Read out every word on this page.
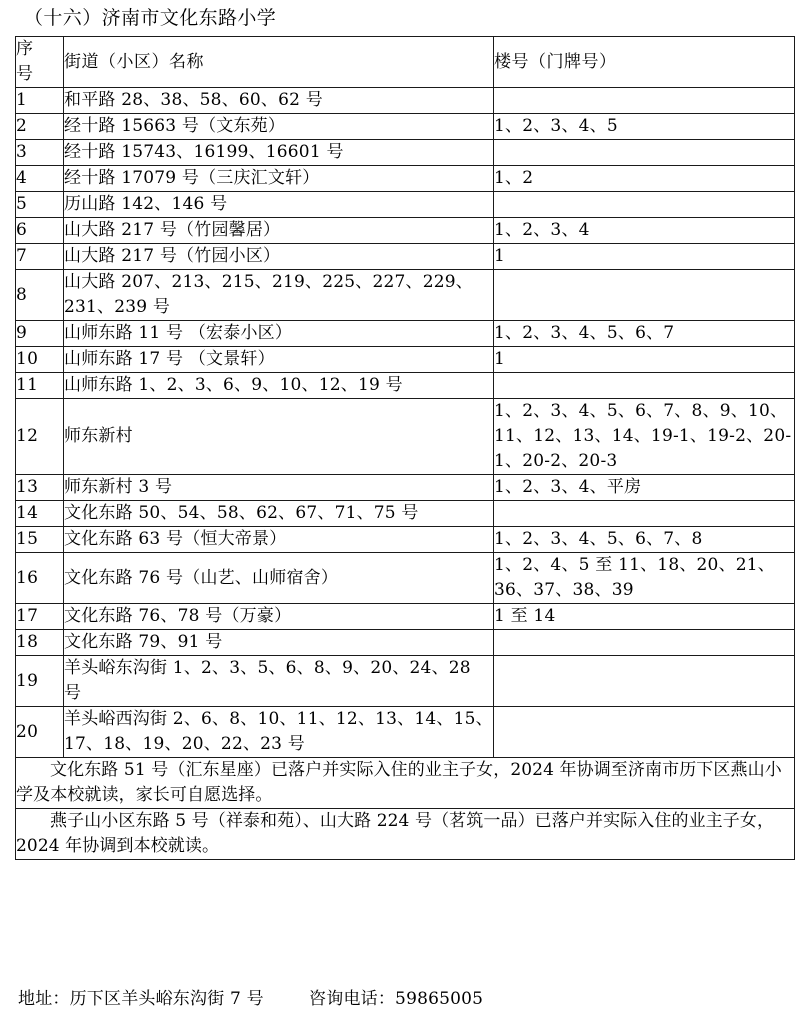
（十六）济南市文化东路小学
序
号	街道（小区）名称	楼号（门牌号）
1	和平路 28、38、58、60、62 号	
2	经十路 15663 号（文东苑）	1、2、3、4、5
3	经十路 15743、16199、16601 号	
4	经十路 17079 号（三庆汇文轩）	1、2
5	历山路 142、146 号	
6	山大路 217 号（竹园馨居）	1、2、3、4
7	山大路 217 号（竹园小区）	1
8	山大路 207、213、215、219、225、227、229、231、239 号	
9	山师东路 11 号 （宏泰小区）	1、2、3、4、5、6、7
10	山师东路 17 号 （文景轩）	1
11	山师东路 1、2、3、6、9、10、12、19 号	
12	师东新村	1、2、3、4、5、6、7、8、9、10、11、12、13、14、19-1、19-2、20-1、20-2、20-3
13	师东新村 3 号	1、2、3、4、平房
14	文化东路 50、54、58、62、67、71、75 号	
15	文化东路 63 号（恒大帝景）	1、2、3、4、5、6、7、8
16	文化东路 76 号（山艺、山师宿舍）	1、2、4、5 至 11、18、20、21、36、37、38、39
17	文化东路 76、78 号（万豪）	1 至 14
18	文化东路 79、91 号	
19	羊头峪东沟街 1、2、3、5、6、8、9、20、24、28 号	
20	羊头峪西沟街 2、6、8、10、11、12、13、14、15、17、18、19、20、22、23 号	

文化东路 51 号（汇东星座）已落户并实际入住的业主子女，2024 年协调至济南市历下区燕山小学及本校就读，家长可自愿选择。		

燕子山小区东路 5 号（祥泰和苑）、山大路 224 号（茗筑一品）已落户并实际入住的业主子女，2024 年协调到本校就读。		

地址：历下区羊头峪东沟街 7 号	咨询电话：59865005
